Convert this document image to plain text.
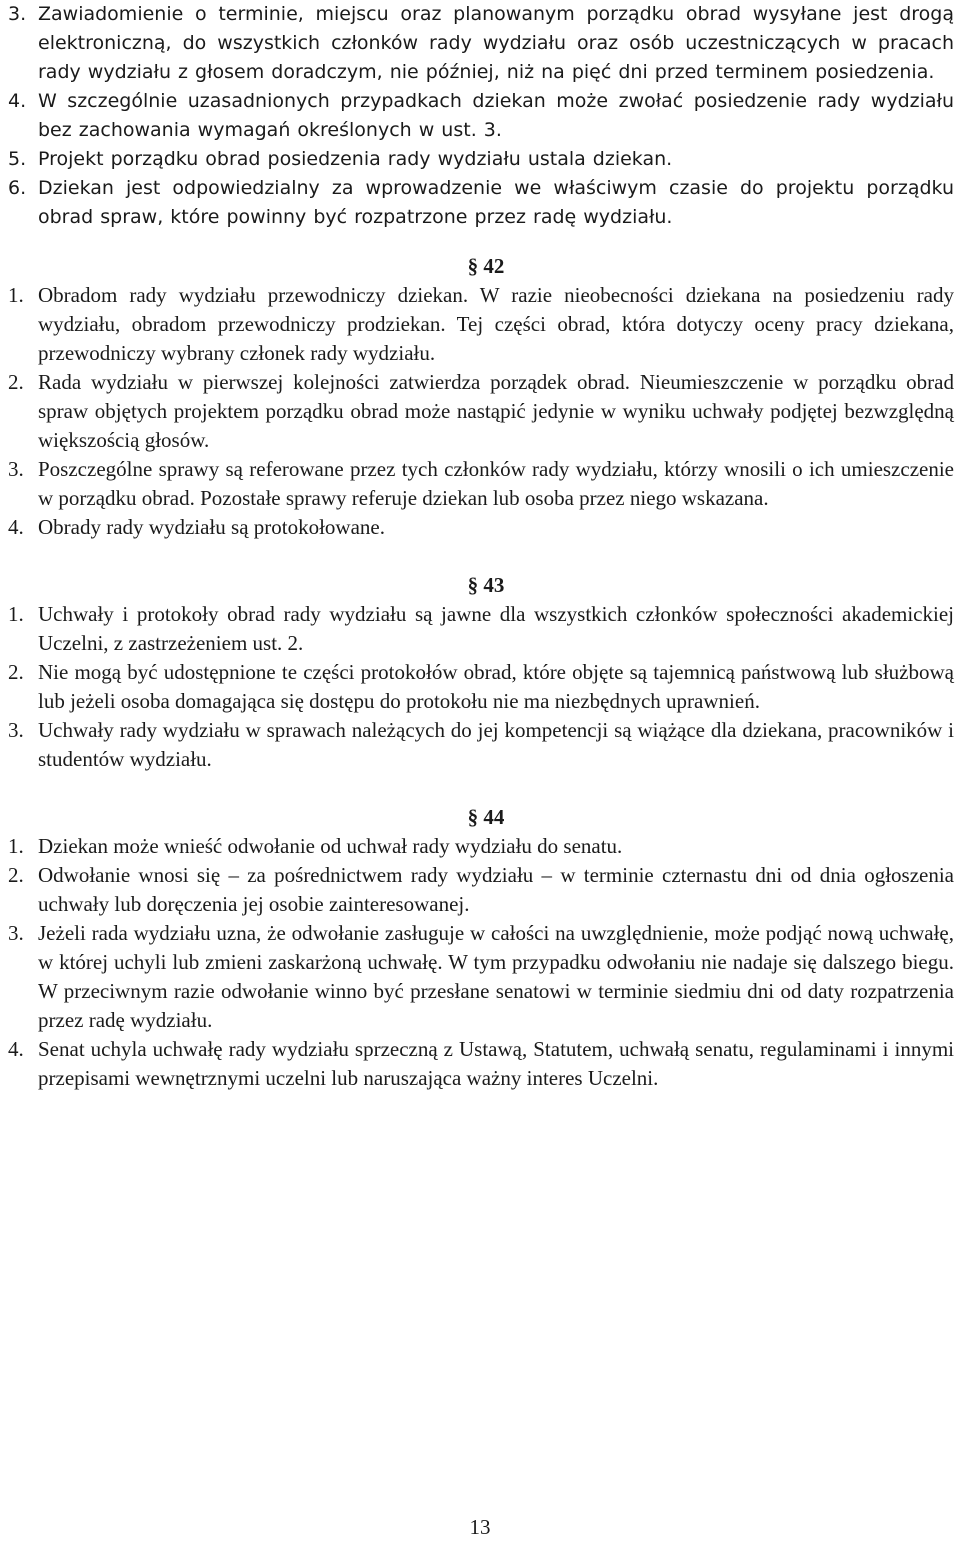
3. Zawiadomienie o terminie, miejscu oraz planowanym porządku obrad wysyłane jest drogą elektroniczną, do wszystkich członków rady wydziału oraz osób uczestniczących w pracach rady wydziału z głosem doradczym, nie później, niż na pięć dni przed terminem posiedzenia.
4. W szczególnie uzasadnionych przypadkach dziekan może zwołać posiedzenie rady wydziału bez zachowania wymagań określonych w ust. 3.
5. Projekt porządku obrad posiedzenia rady wydziału ustala dziekan.
6. Dziekan jest odpowiedzialny za wprowadzenie we właściwym czasie do projektu porządku obrad spraw, które powinny być rozpatrzone przez radę wydziału.
§ 42
1. Obradom rady wydziału przewodniczy dziekan. W razie nieobecności dziekana na posiedzeniu rady wydziału, obradom przewodniczy prodziekan. Tej części obrad, która dotyczy oceny pracy dziekana, przewodniczy wybrany członek rady wydziału.
2. Rada wydziału w pierwszej kolejności zatwierdza porządek obrad. Nieumieszczenie w porządku obrad spraw objętych projektem porządku obrad może nastąpić jedynie w wyniku uchwały podjętej bezwzględną większością głosów.
3. Poszczególne sprawy są referowane przez tych członków rady wydziału, którzy wnosili o ich umieszczenie w porządku obrad. Pozostałe sprawy referuje dziekan lub osoba przez niego wskazana.
4. Obrady rady wydziału są protokołowane.
§ 43
1. Uchwały i protokoły obrad rady wydziału są jawne dla wszystkich członków społeczności akademickiej Uczelni, z zastrzeżeniem ust. 2.
2. Nie mogą być udostępnione te części protokołów obrad, które objęte są tajemnicą państwową lub służbową lub jeżeli osoba domagająca się dostępu do protokołu nie ma niezbędnych uprawnień.
3. Uchwały rady wydziału w sprawach należących do jej kompetencji są wiążące dla dziekana, pracowników i studentów wydziału.
§ 44
1. Dziekan może wnieść odwołanie od uchwał rady wydziału do senatu.
2. Odwołanie wnosi się – za pośrednictwem rady wydziału – w terminie czternastu dni od dnia ogłoszenia uchwały lub doręczenia jej osobie zainteresowanej.
3. Jeżeli rada wydziału uzna, że odwołanie zasługuje w całości na uwzględnienie, może podjąć nową uchwałę, w której uchyli lub zmieni zaskarżoną uchwałę. W tym przypadku odwołaniu nie nadaje się dalszego biegu. W przeciwnym razie odwołanie winno być przesłane senatowi w terminie siedmiu dni od daty rozpatrzenia przez radę wydziału.
4. Senat uchyla uchwałę rady wydziału sprzeczną z Ustawą, Statutem, uchwałą senatu, regulaminami i innymi przepisami wewnętrznymi uczelni lub naruszająca ważny interes Uczelni.
13
